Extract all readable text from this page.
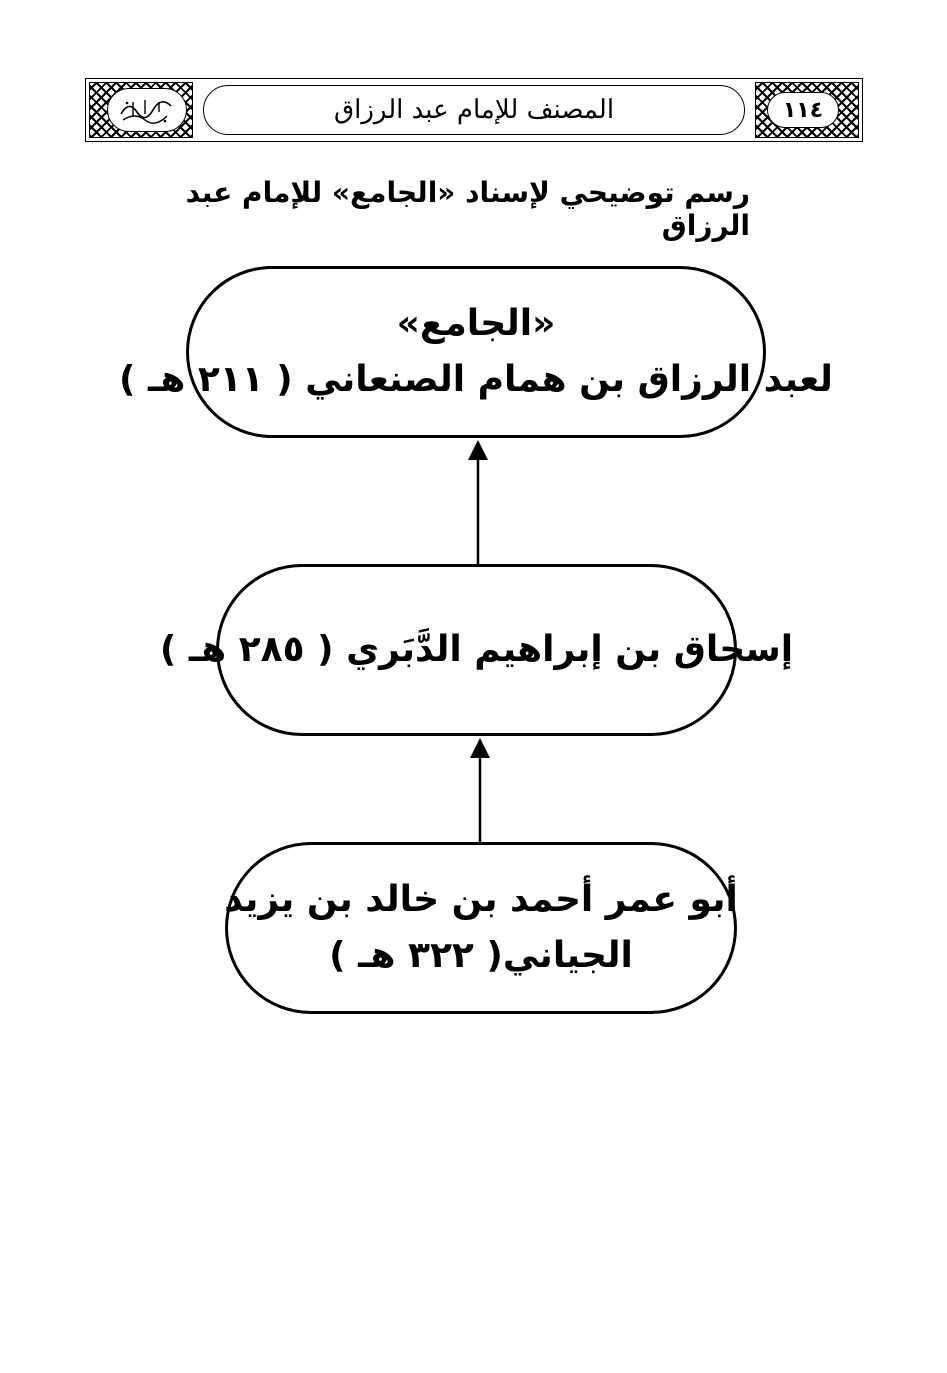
١١٤
المصنف للإمام عبد الرزاق
رسم توضيحي لإسناد «الجامع» للإمام عبد الرزاق
«الجامع»
لعبد الرزاق بن همام الصنعاني ( ٢١١ هـ )
إسحاق بن إبراهيم الدَّبَري ( ٢٨٥ هـ )
أبو عمر أحمد بن خالد بن يزيد
الجياني( ٣٢٢ هـ )
